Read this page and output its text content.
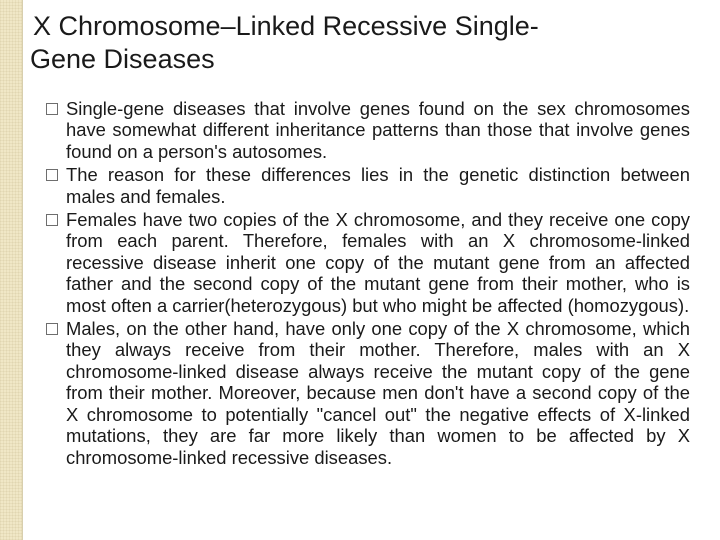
X Chromosome–Linked Recessive Single-
Gene Diseases
Single-gene diseases that involve genes found on the sex chromosomes have somewhat different inheritance patterns than those that involve genes found on a person's autosomes.
The reason for these differences lies in the genetic distinction between males and females.
Females have two copies of the X chromosome, and they receive one copy from each parent. Therefore, females with an X chromosome-linked recessive disease inherit one copy of the mutant gene from an affected father and the second copy of the mutant gene from their mother, who is most often a carrier(heterozygous) but who might be affected (homozygous).
Males, on the other hand, have only one copy of the X chromosome, which they always receive from their mother. Therefore, males with an X chromosome-linked disease always receive the mutant copy of the gene from their mother. Moreover, because men don't have a second copy of the X chromosome to potentially "cancel out" the negative effects of X-linked mutations, they are far more likely than women to be affected by X chromosome-linked recessive diseases.
